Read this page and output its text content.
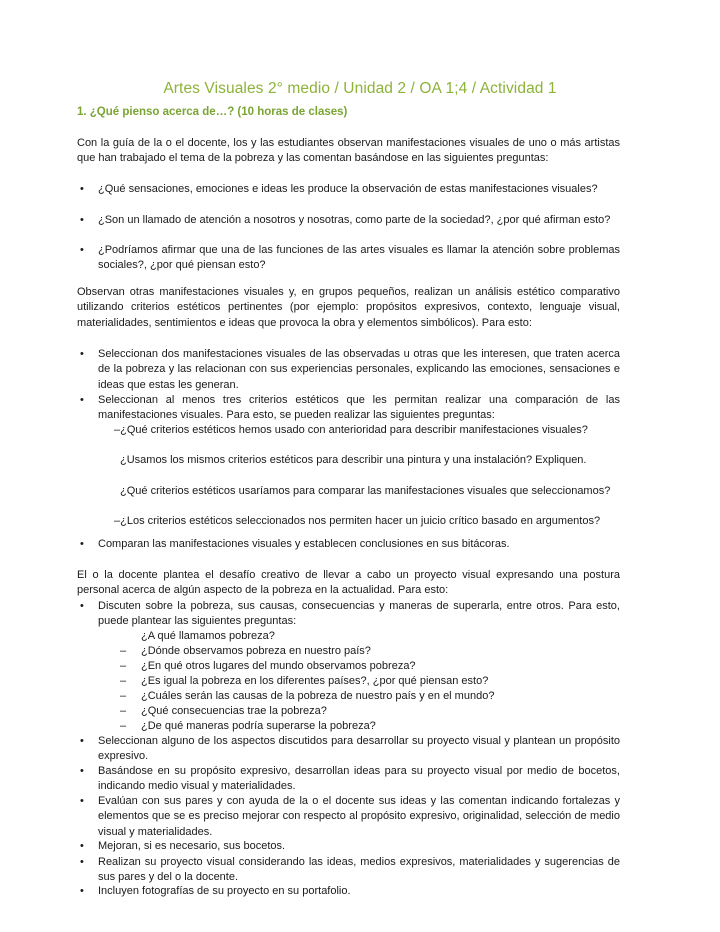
Artes Visuales 2° medio / Unidad 2 / OA 1;4 / Actividad 1
1. ¿Qué pienso acerca de…? (10 horas de clases)
Con la guía de la o el docente, los y las estudiantes observan manifestaciones visuales de uno o más artistas que han trabajado el tema de la pobreza y las comentan basándose en las siguientes preguntas:
•	¿Qué sensaciones, emociones e ideas les produce la observación de estas manifestaciones visuales?
•	¿Son un llamado de atención a nosotros y nosotras, como parte de la sociedad?, ¿por qué afirman esto?
•	¿Podríamos afirmar que una de las funciones de las artes visuales es llamar la atención sobre problemas sociales?, ¿por qué piensan esto?
Observan otras manifestaciones visuales y, en grupos pequeños, realizan un análisis estético comparativo utilizando criterios estéticos pertinentes (por ejemplo: propósitos expresivos, contexto, lenguaje visual, materialidades, sentimientos e ideas que provoca la obra y elementos simbólicos). Para esto:
•	Seleccionan dos manifestaciones visuales de las observadas u otras que les interesen, que traten acerca de la pobreza y las relacionan con sus experiencias personales, explicando las emociones, sensaciones e ideas que estas les generan.
•	Seleccionan al menos tres criterios estéticos que les permitan realizar una comparación de las manifestaciones visuales. Para esto, se pueden realizar las siguientes preguntas:
–¿Qué criterios estéticos hemos usado con anterioridad para describir manifestaciones visuales?
¿Usamos los mismos criterios estéticos para describir una pintura y una instalación? Expliquen.
¿Qué criterios estéticos usaríamos para comparar las manifestaciones visuales que seleccionamos?
–¿Los criterios estéticos seleccionados nos permiten hacer un juicio crítico basado en argumentos?
•	Comparan las manifestaciones visuales y establecen conclusiones en sus bitácoras.
El o la docente plantea el desafío creativo de llevar a cabo un proyecto visual expresando una postura personal acerca de algún aspecto de la pobreza en la actualidad. Para esto:
•	Discuten sobre la pobreza, sus causas, consecuencias y maneras de superarla, entre otros. Para esto, puede plantear las siguientes preguntas:
¿A qué llamamos pobreza?
– ¿Dónde observamos pobreza en nuestro país?
– ¿En qué otros lugares del mundo observamos pobreza?
– ¿Es igual la pobreza en los diferentes países?, ¿por qué piensan esto?
– ¿Cuáles serán las causas de la pobreza de nuestro país y en el mundo?
– ¿Qué consecuencias trae la pobreza?
– ¿De qué maneras podría superarse la pobreza?
•	Seleccionan alguno de los aspectos discutidos para desarrollar su proyecto visual y plantean un propósito expresivo.
•	Basándose en su propósito expresivo, desarrollan ideas para su proyecto visual por medio de bocetos, indicando medio visual y materialidades.
•	Evalúan con sus pares y con ayuda de la o el docente sus ideas y las comentan indicando fortalezas y elementos que se es preciso mejorar con respecto al propósito expresivo, originalidad, selección de medio visual y materialidades.
•	Mejoran, si es necesario, sus bocetos.
•	Realizan su proyecto visual considerando las ideas, medios expresivos, materialidades y sugerencias de sus pares y del o la docente.
•	Incluyen fotografías de su proyecto en su portafolio.
